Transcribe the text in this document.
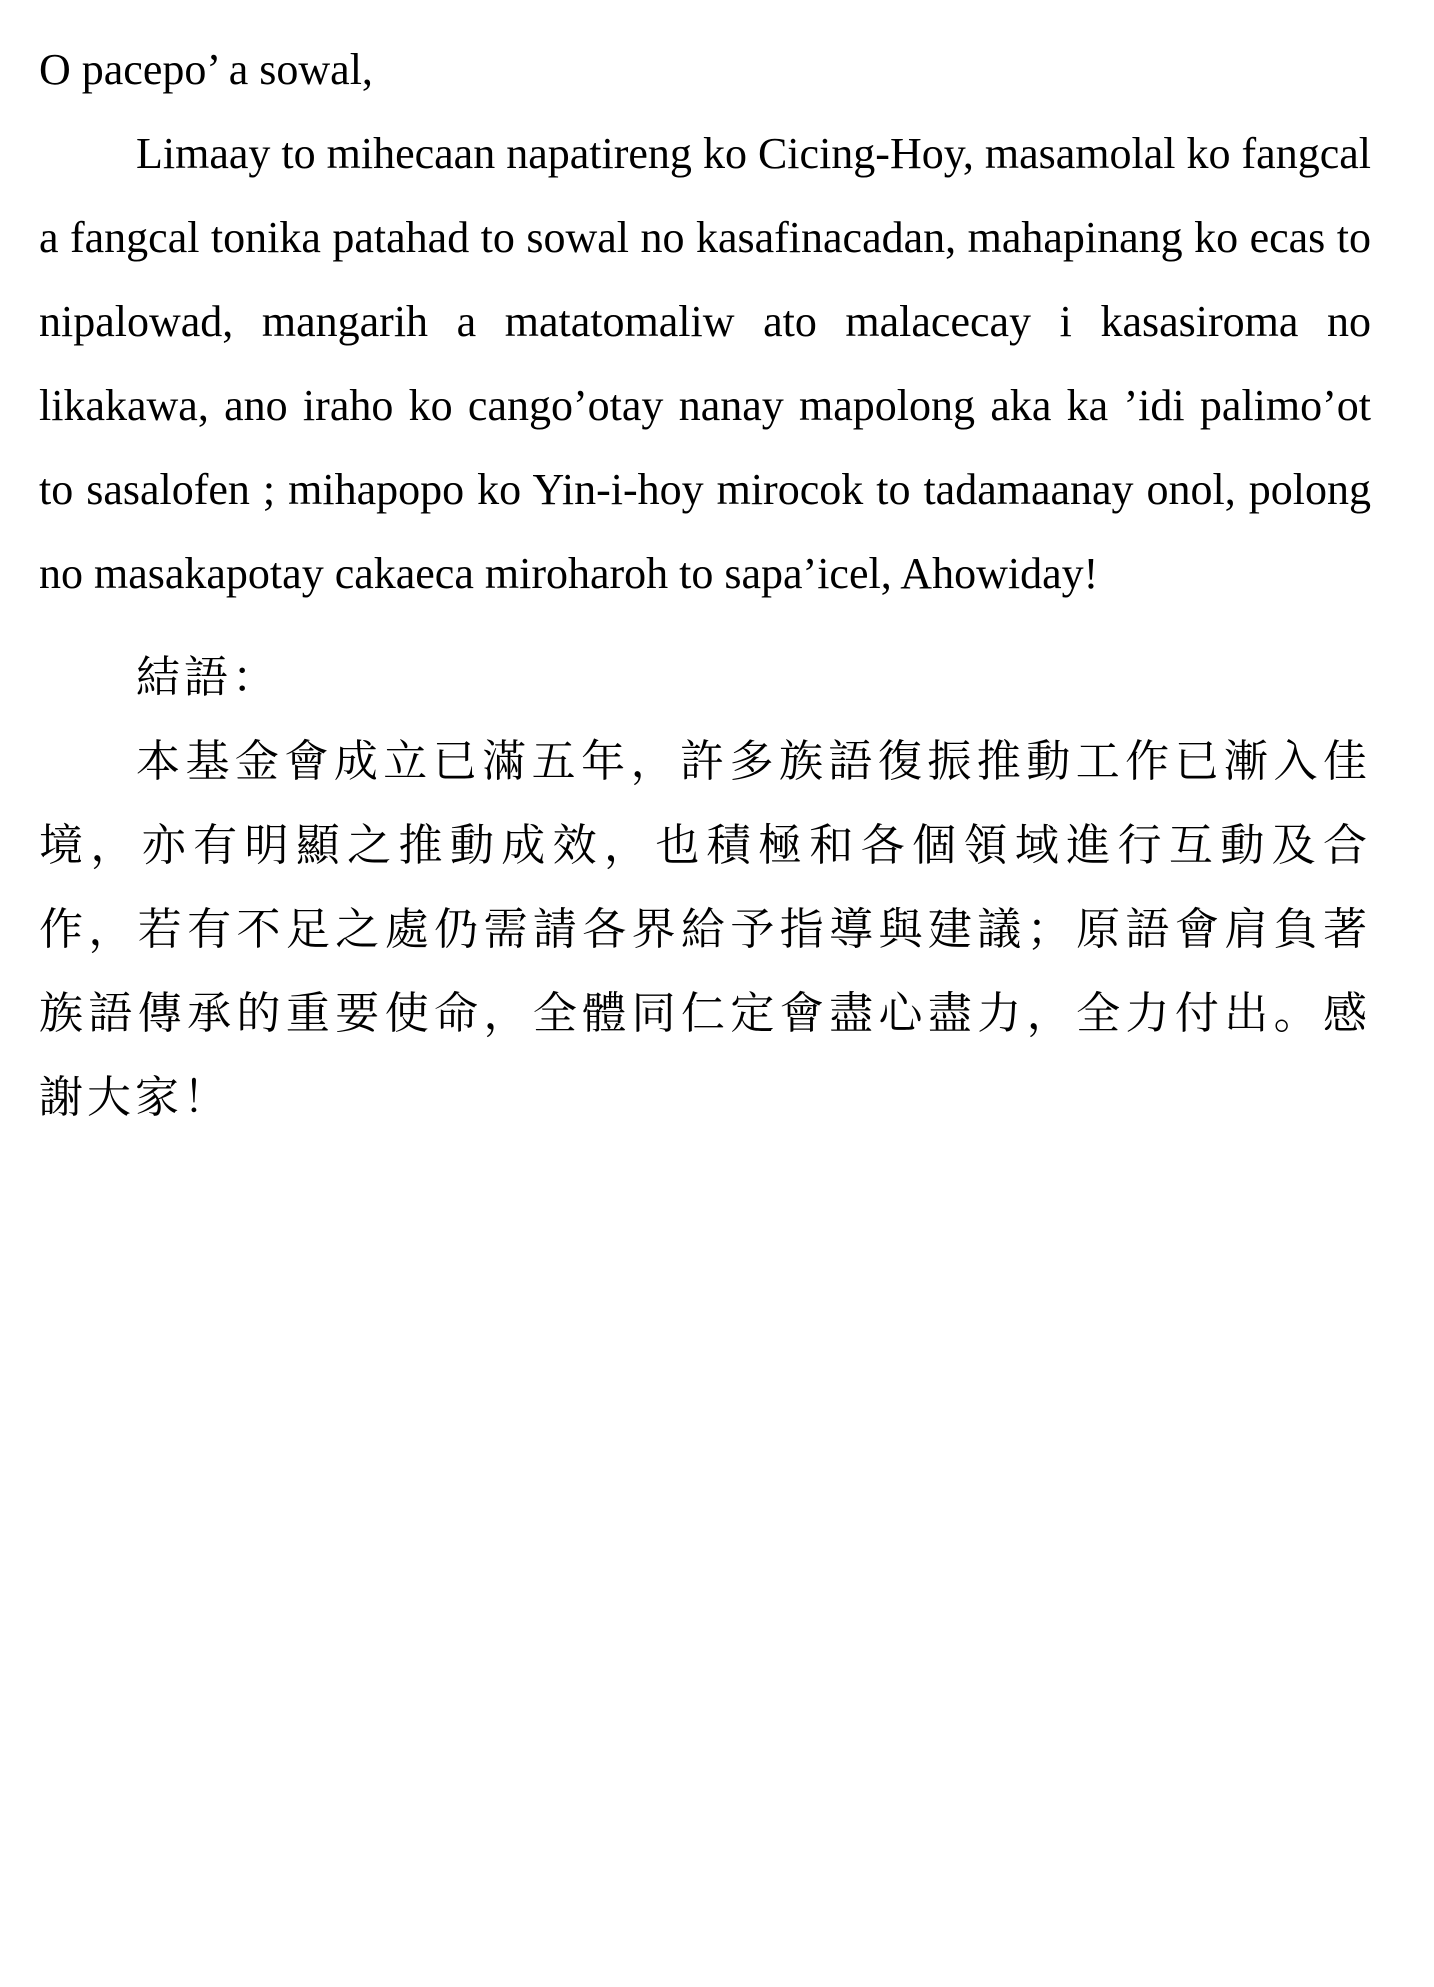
O pacepo’ a sowal,

Limaay to mihecaan napatireng ko Cicing-Hoy, masamolal ko fangcal a fangcal tonika patahad to sowal no kasafinacadan, mahapinang ko ecas to nipalowad, mangarih a matatomaliw ato malacecay i kasasiroma no likakawa, ano iraho ko cango’otay nanay mapolong aka ka ’idi palimo’ot to sasalofen ; mihapopo ko Yin-i-hoy mirocok to tadamaanay onol, polong no masakapotay cakaeca miroharoh to sapa’icel, Ahowiday!

結語：

本基金會成立已滿五年，許多族語復振推動工作已漸入佳境，亦有明顯之推動成效，也積極和各個領域進行互動及合作，若有不足之處仍需請各界給予指導與建議；原語會肩負著族語傳承的重要使命，全體同仁定會盡心盡力，全力付出。感謝大家！
